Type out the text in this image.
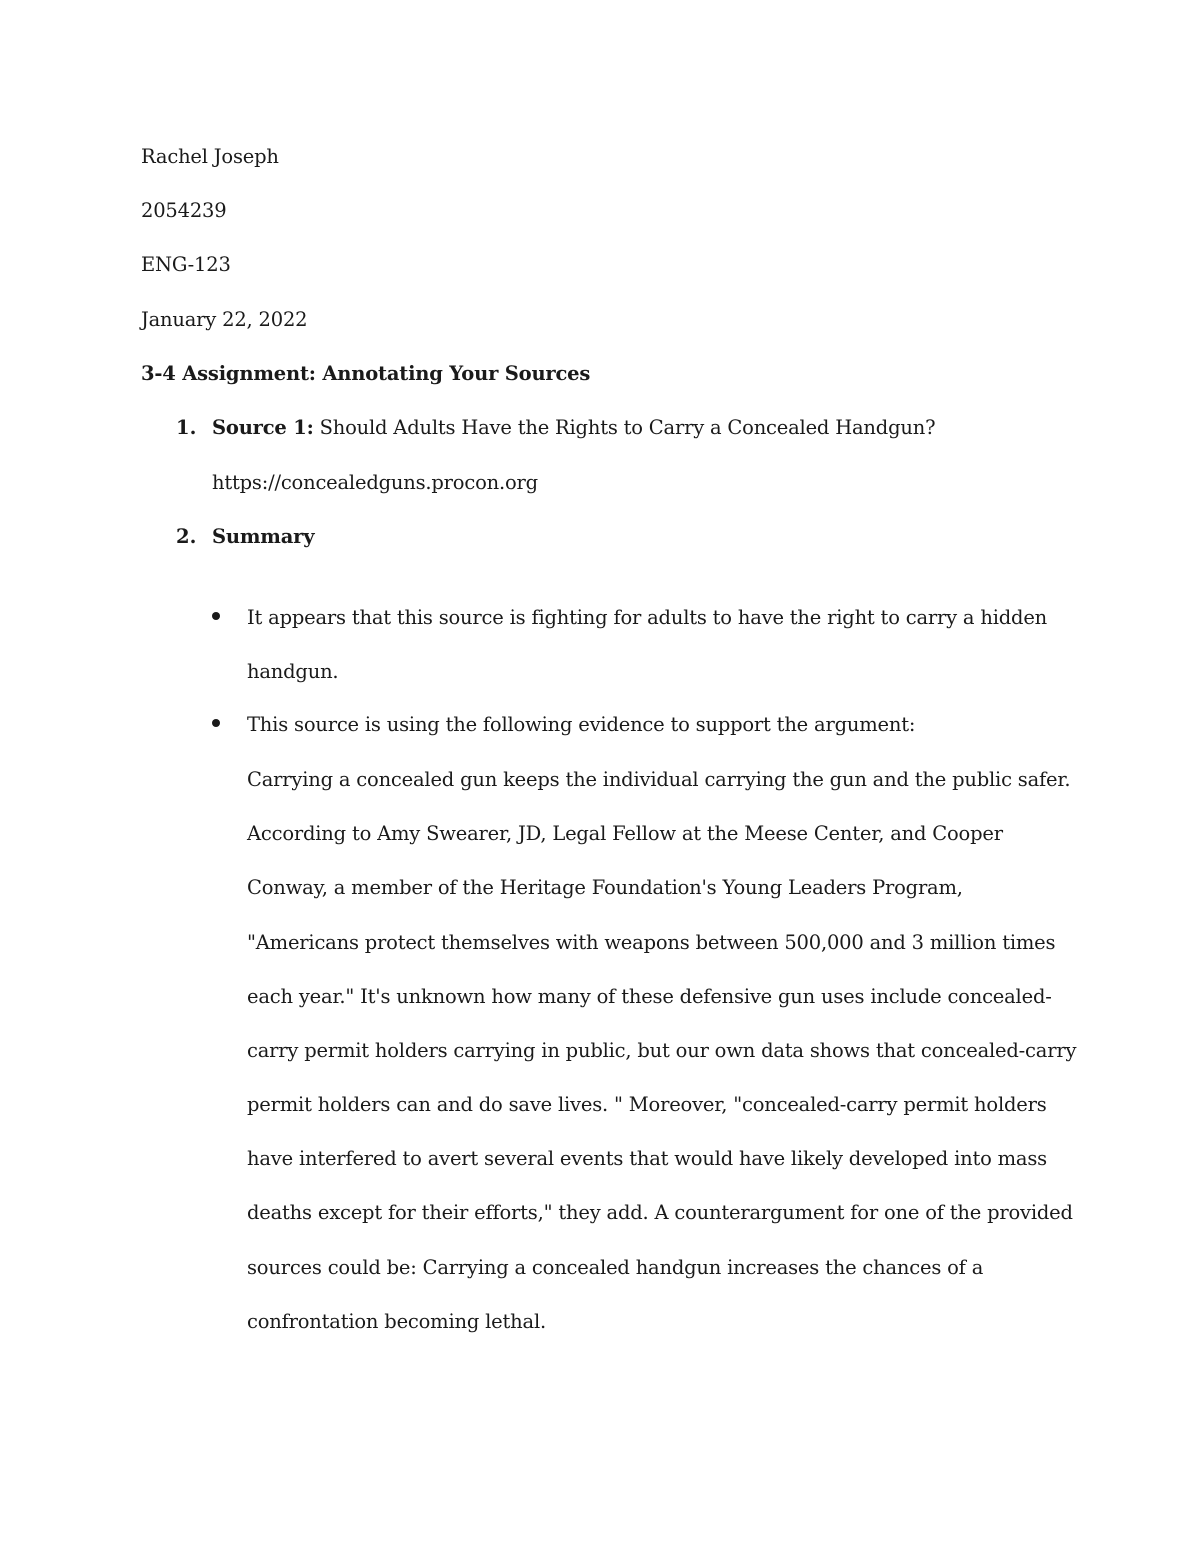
Rachel Joseph
2054239
ENG-123
January 22, 2022
3-4 Assignment: Annotating Your Sources
1. Source 1: Should Adults Have the Rights to Carry a Concealed Handgun?
https://concealedguns.procon.org
2. Summary
It appears that this source is fighting for adults to have the right to carry a hidden
handgun.
This source is using the following evidence to support the argument:
Carrying a concealed gun keeps the individual carrying the gun and the public safer.
According to Amy Swearer, JD, Legal Fellow at the Meese Center, and Cooper
Conway, a member of the Heritage Foundation's Young Leaders Program,
"Americans protect themselves with weapons between 500,000 and 3 million times
each year." It's unknown how many of these defensive gun uses include concealed-
carry permit holders carrying in public, but our own data shows that concealed-carry
permit holders can and do save lives. " Moreover, "concealed-carry permit holders
have interfered to avert several events that would have likely developed into mass
deaths except for their efforts," they add. A counterargument for one of the provided
sources could be: Carrying a concealed handgun increases the chances of a
confrontation becoming lethal.
